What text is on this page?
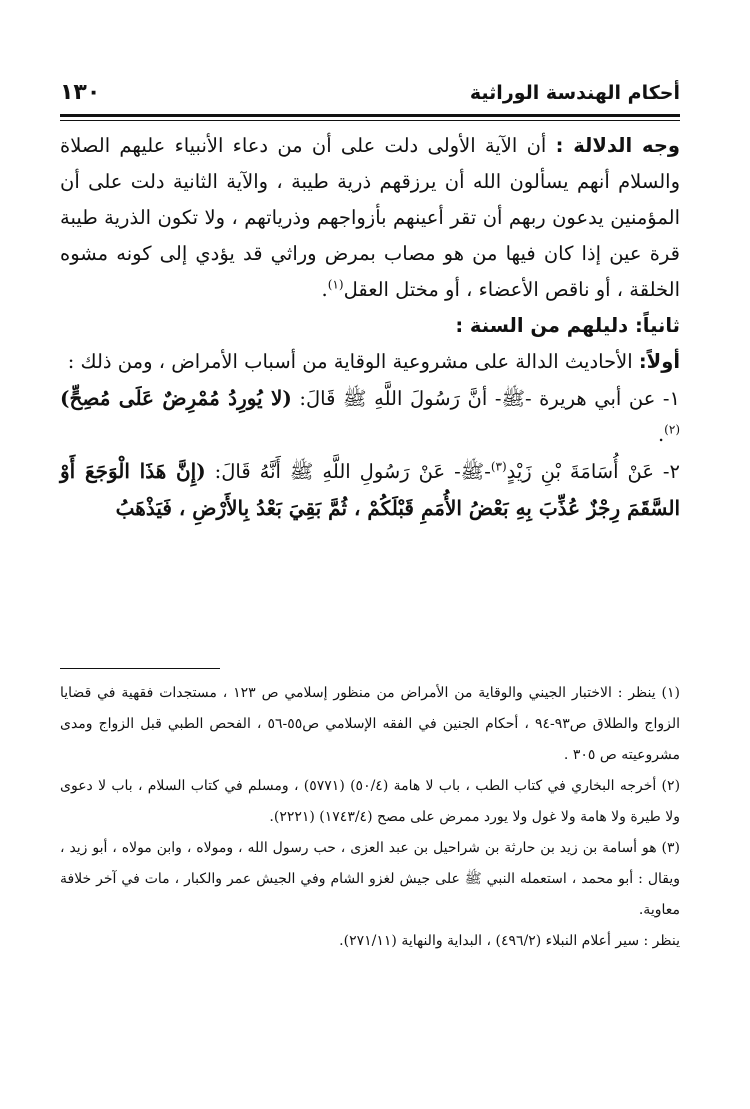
أحكام الهندسة الوراثية
١٣٠

وجه الدلالة : أن الآية الأولى دلت على أن من دعاء الأنبياء عليهم الصلاة والسلام أنهم يسألون الله أن يرزقهم ذرية طيبة ، والآية الثانية دلت على أن المؤمنين يدعون ربهم أن تقر أعينهم بأزواجهم وذرياتهم ، ولا تكون الذرية طيبة قرة عين إذا كان فيها من هو مصاب بمرض وراثي قد يؤدي إلى كونه مشوه الخلقة ، أو ناقص الأعضاء ، أو مختل العقل$^{(١)}$.

ثانياً: دليلهم من السنة :

أولاً: الأحاديث الدالة على مشروعية الوقاية من أسباب الأمراض ، ومن ذلك :

١- عن أبي هريرة -ﷺ- أنَّ رَسُولَ اللَّهِ ﷺ قَالَ: (لا يُورِدُ مُمْرِضٌ عَلَى مُصِحٍّ)$^{(٢)}$.

٢- عَنْ أُسَامَةَ بْنِ زَيْدٍ$^{(٣)}$-ﷺ- عَنْ رَسُولِ اللَّهِ ﷺ أَنَّهُ قَالَ: (إِنَّ هَذَا الْوَجَعَ أَوْ السَّقَمَ رِجْزٌ عُذِّبَ بِهِ بَعْضُ الأُمَمِ قَبْلَكُمْ ، ثُمَّ بَقِيَ بَعْدُ بِالأَرْضِ ، فَيَذْهَبُ

(١) ينظر : الاختبار الجيني والوقاية من الأمراض من منظور إسلامي ص ١٢٣ ، مستجدات فقهية في قضايا الزواج والطلاق ص٩٣-٩٤ ، أحكام الجنين في الفقه الإسلامي ص٥٥-٥٦ ، الفحص الطبي قبل الزواج ومدى مشروعيته ص ٣٠٥ .

(٢) أخرجه البخاري في كتاب الطب ، باب لا هامة (٥٠/٤) (٥٧٧١) ، ومسلم في كتاب السلام ، باب لا دعوى ولا طيرة ولا هامة ولا غول ولا يورد ممرض على مصح (١٧٤٣/٤) (٢٢٢١).

(٣) هو أسامة بن زيد بن حارثة بن شراحيل بن عبد العزى ، حب رسول الله ، ومولاه ، وابن مولاه ، أبو زيد ، ويقال : أبو محمد ، استعمله النبي ﷺ على جيش لغزو الشام وفي الجيش عمر والكبار ، مات في آخر خلافة معاوية.

ينظر : سير أعلام النبلاء (٤٩٦/٢) ، البداية والنهاية (٢٧١/١١).
